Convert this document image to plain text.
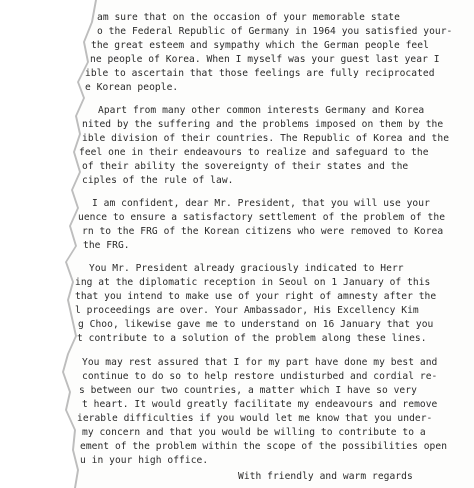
am sure that on the occasion of your memorable state
o the Federal Republic of Germany in 1964 you satisfied your-
the great esteem and sympathy which the German people feel
ne people of Korea. When I myself was your guest last year I
ible to ascertain that those feelings are fully reciprocated
e Korean people.
Apart from many other common interests Germany and Korea
nited by the suffering and the problems imposed on them by the
ible division of their countries. The Republic of Korea and the
feel one in their endeavours to realize and safeguard to the
of their ability the sovereignty of their states and the
ciples of the rule of law.
I am confident, dear Mr. President, that you will use your
uence to ensure a satisfactory settlement of the problem of the
rn to the FRG of the Korean citizens who were removed to Korea
the FRG.
You Mr. President already graciously indicated to Herr
ing at the diplomatic reception in Seoul on 1 January of this
that you intend to make use of your right of amnesty after the
l proceedings are over. Your Ambassador, His Excellency Kim
g Choo, likewise gave me to understand on 16 January that you
t contribute to a solution of the problem along these lines.
You may rest assured that I for my part have done my best and
continue to do so to help restore undisturbed and cordial re-
s between our two countries, a matter which I have so very
t heart. It would greatly facilitate my endeavours and remove
ierable difficulties if you would let me know that you under-
my concern and that you would be willing to contribute to a
ement of the problem within the scope of the possibilities open
u in your high office.
With friendly and warm regards
